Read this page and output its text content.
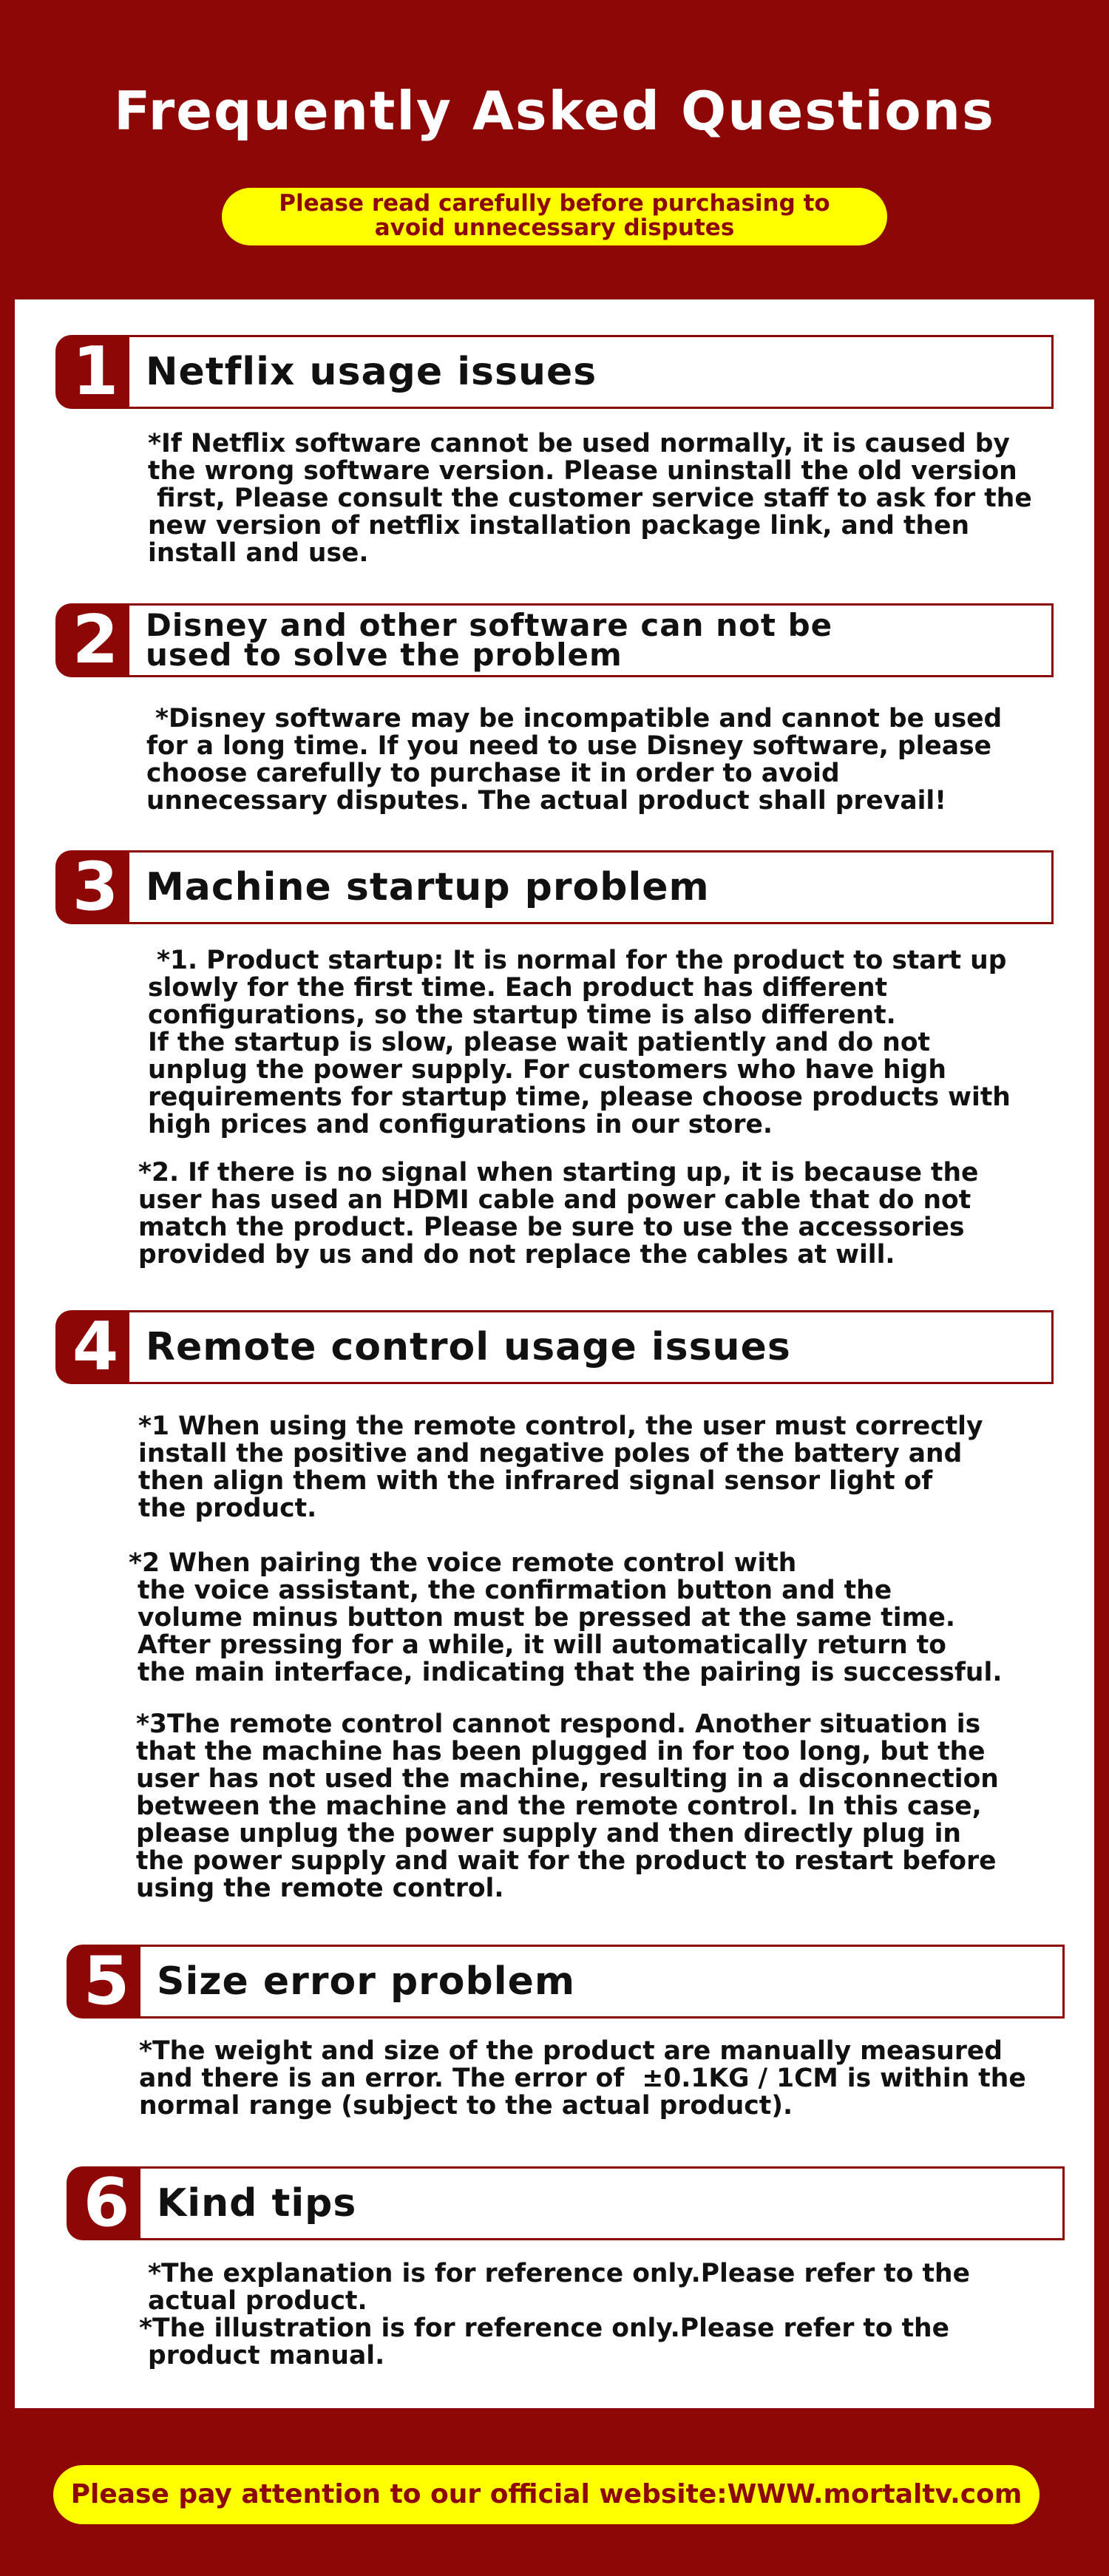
Frequently Asked Questions
Please read carefully before purchasing to
avoid unnecessary disputes
1 Netflix usage issues
*If Netflix software cannot be used normally, it is caused by
the wrong software version. Please uninstall the old version
first, Please consult the customer service staff to ask for the
new version of netflix installation package link, and then
install and use.
2 Disney and other software can not be
used to solve the problem
*Disney software may be incompatible and cannot be used
for a long time. If you need to use Disney software, please
choose carefully to purchase it in order to avoid
unnecessary disputes. The actual product shall prevail!
3 Machine startup problem
*1. Product startup: It is normal for the product to start up
slowly for the first time. Each product has different
configurations, so the startup time is also different.
If the startup is slow, please wait patiently and do not
unplug the power supply. For customers who have high
requirements for startup time, please choose products with
high prices and configurations in our store.
*2. If there is no signal when starting up, it is because the
user has used an HDMI cable and power cable that do not
match the product. Please be sure to use the accessories
provided by us and do not replace the cables at will.
4 Remote control usage issues
*1 When using the remote control, the user must correctly
install the positive and negative poles of the battery and
then align them with the infrared signal sensor light of
the product.
*2 When pairing the voice remote control with
the voice assistant, the confirmation button and the
volume minus button must be pressed at the same time.
After pressing for a while, it will automatically return to
the main interface, indicating that the pairing is successful.
*3The remote control cannot respond. Another situation is
that the machine has been plugged in for too long, but the
user has not used the machine, resulting in a disconnection
between the machine and the remote control. In this case,
please unplug the power supply and then directly plug in
the power supply and wait for the product to restart before
using the remote control.
5 Size error problem
*The weight and size of the product are manually measured
and there is an error. The error of  ±0.1KG / 1CM is within the
normal range (subject to the actual product).
6 Kind tips
*The explanation is for reference only.Please refer to the
actual product.
*The illustration is for reference only.Please refer to the
product manual.
Please pay attention to our official website:WWW.mortaltv.com
